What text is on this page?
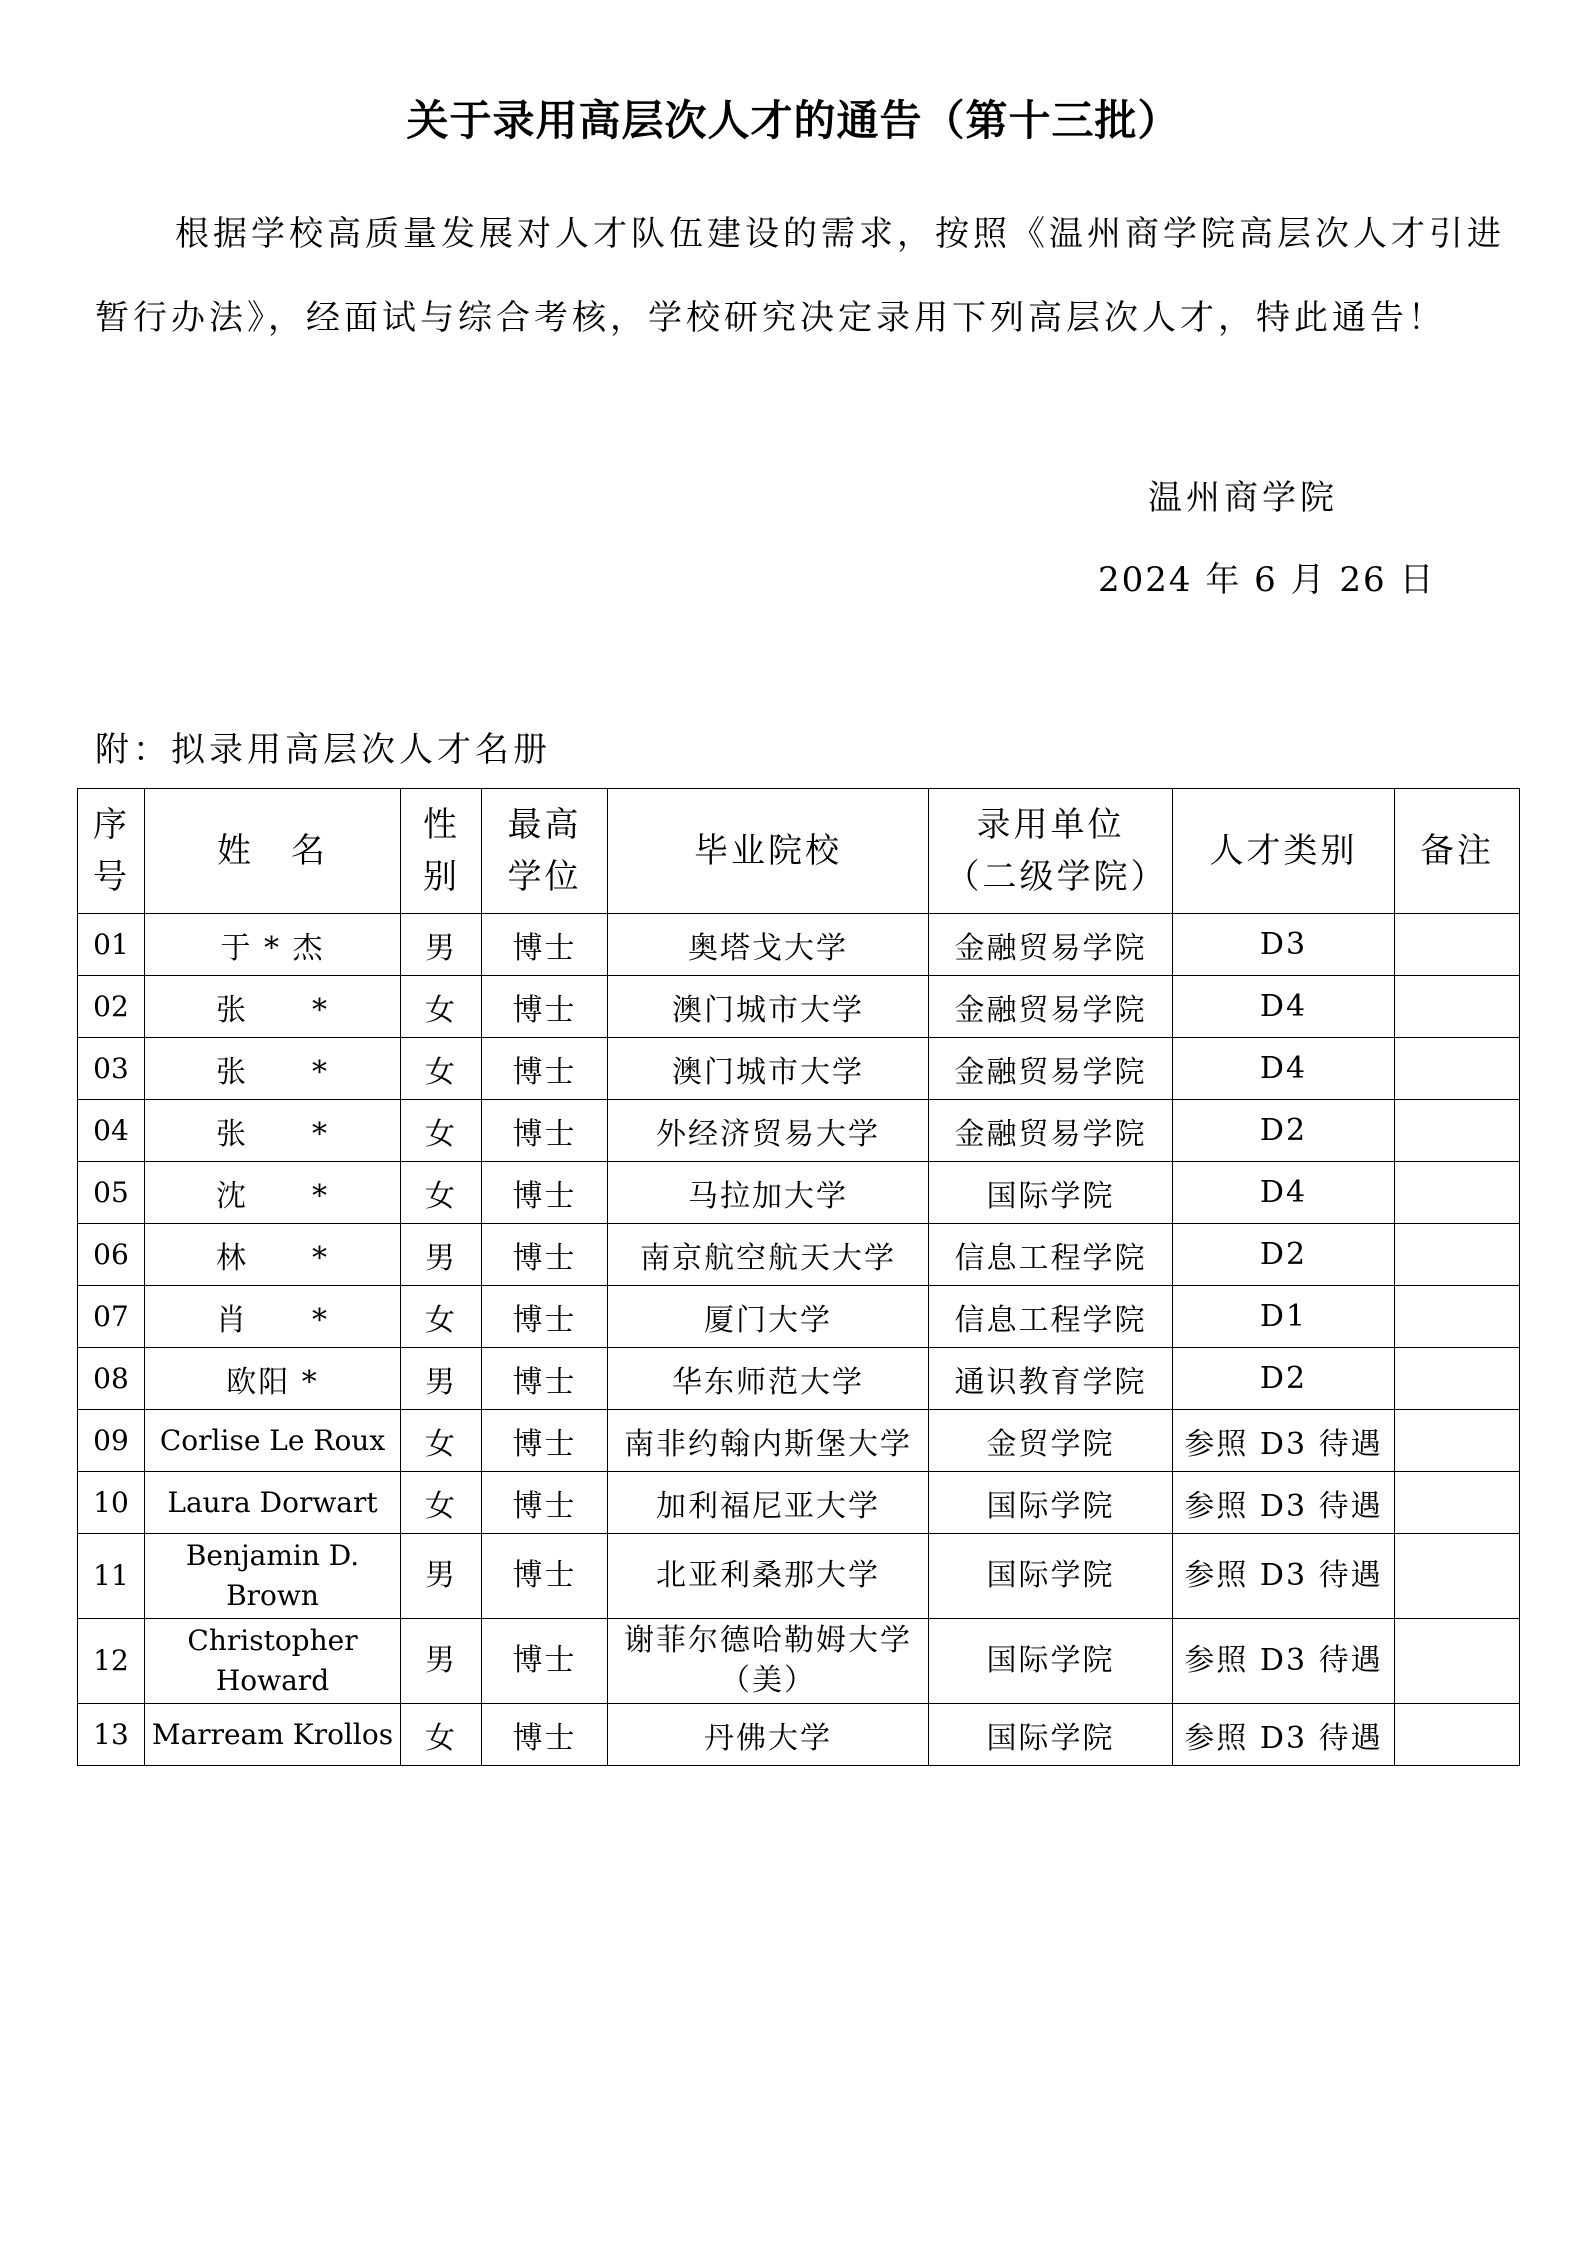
关于录用高层次人才的通告（第十三批）
根据学校高质量发展对人才队伍建设的需求，按照《温州商学院高层次人才引进暂行办法》，经面试与综合考核，学校研究决定录用下列高层次人才，特此通告！
温州商学院
2024 年 6 月 26 日
附：拟录用高层次人才名册
序号	姓　名	性别	最高学位	毕业院校	录用单位（二级学院）	人才类别	备注
01	于 * 杰	男	博士	奥塔戈大学	金融贸易学院	D3	
02	张　　*	女	博士	澳门城市大学	金融贸易学院	D4	
03	张　　*	女	博士	澳门城市大学	金融贸易学院	D4	
04	张　　*	女	博士	外经济贸易大学	金融贸易学院	D2	
05	沈　　*	女	博士	马拉加大学	国际学院	D4	
06	林　　*	男	博士	南京航空航天大学	信息工程学院	D2	
07	肖　　*	女	博士	厦门大学	信息工程学院	D1	
08	欧阳 *	男	博士	华东师范大学	通识教育学院	D2	
09	Corlise Le Roux	女	博士	南非约翰内斯堡大学	金贸学院	参照 D3 待遇	
10	Laura Dorwart	女	博士	加利福尼亚大学	国际学院	参照 D3 待遇	
11	Benjamin D. Brown	男	博士	北亚利桑那大学	国际学院	参照 D3 待遇	
12	Christopher Howard	男	博士	谢菲尔德哈勒姆大学（美）	国际学院	参照 D3 待遇	
13	Marream Krollos	女	博士	丹佛大学	国际学院	参照 D3 待遇	
